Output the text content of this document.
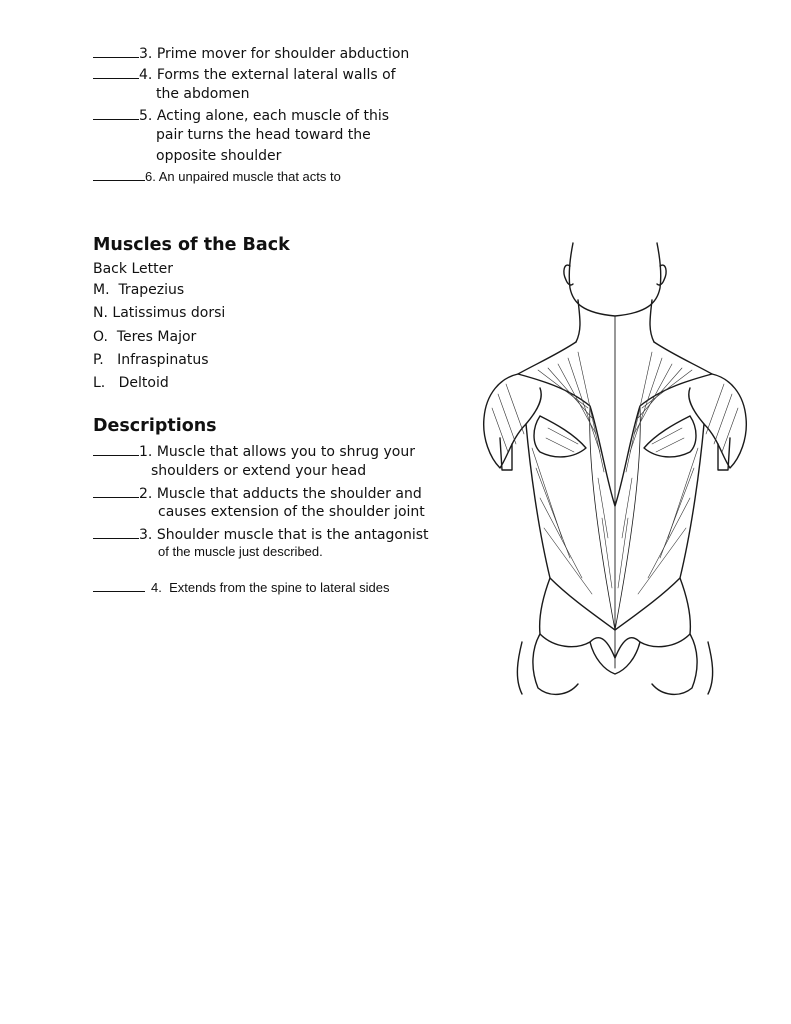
3. Prime mover for shoulder abduction
4. Forms the external lateral walls of
the abdomen
5. Acting alone, each muscle of this
pair turns the head toward the
opposite shoulder
6. An unpaired muscle that acts to
Muscles of the Back
Back Letter
M. Trapezius
N. Latissimus dorsi
O. Teres Major
P. Infraspinatus
L. Deltoid
Descriptions
1. Muscle that allows you to shrug your
shoulders or extend your head
2. Muscle that adducts the shoulder and
causes extension of the shoulder joint
3. Shoulder muscle that is the antagonist
of the muscle just described.
4. Extends from the spine to lateral sides
